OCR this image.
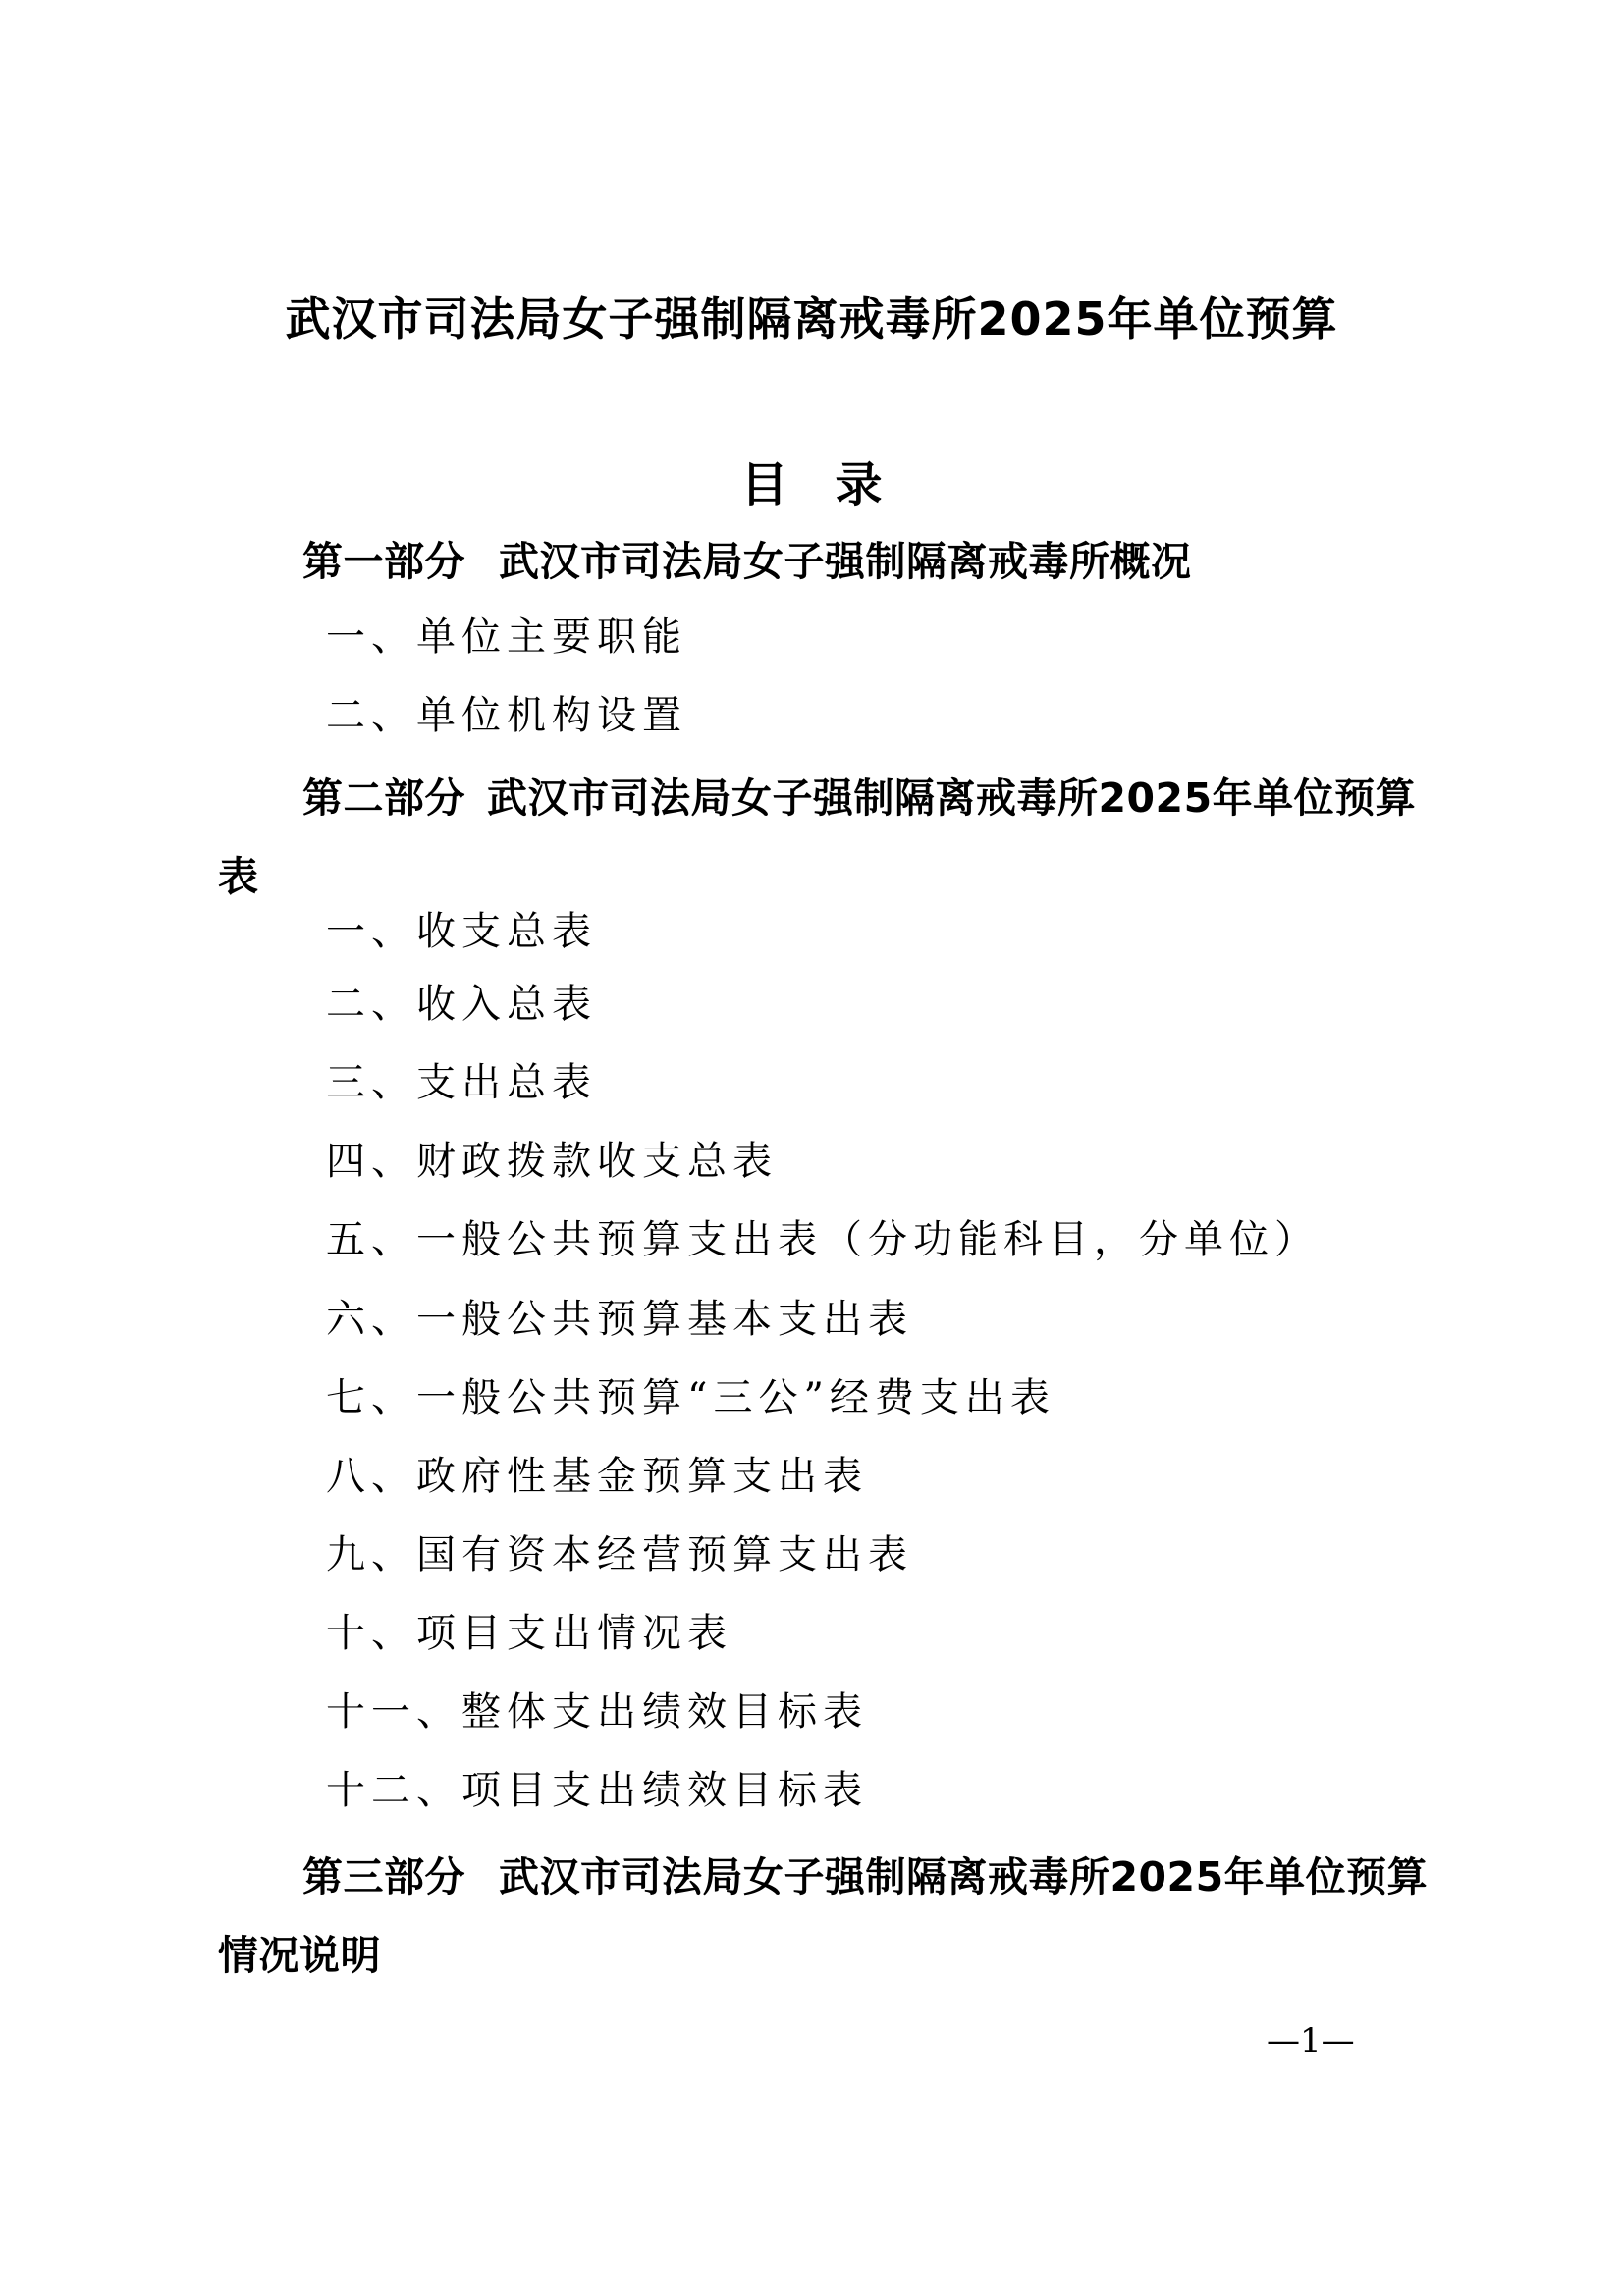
武汉市司法局女子强制隔离戒毒所2025年单位预算
目　录
第一部分 武汉市司法局女子强制隔离戒毒所概况
一、单位主要职能
二、单位机构设置
第二部分 武汉市司法局女子强制隔离戒毒所2025年单位预算表
一、收支总表
二、收入总表
三、支出总表
四、财政拨款收支总表
五、一般公共预算支出表（分功能科目，分单位）
六、一般公共预算基本支出表
七、一般公共预算“三公”经费支出表
八、政府性基金预算支出表
九、国有资本经营预算支出表
十、项目支出情况表
十一、整体支出绩效目标表
十二、项目支出绩效目标表
第三部分 武汉市司法局女子强制隔离戒毒所2025年单位预算情况说明
—1—
